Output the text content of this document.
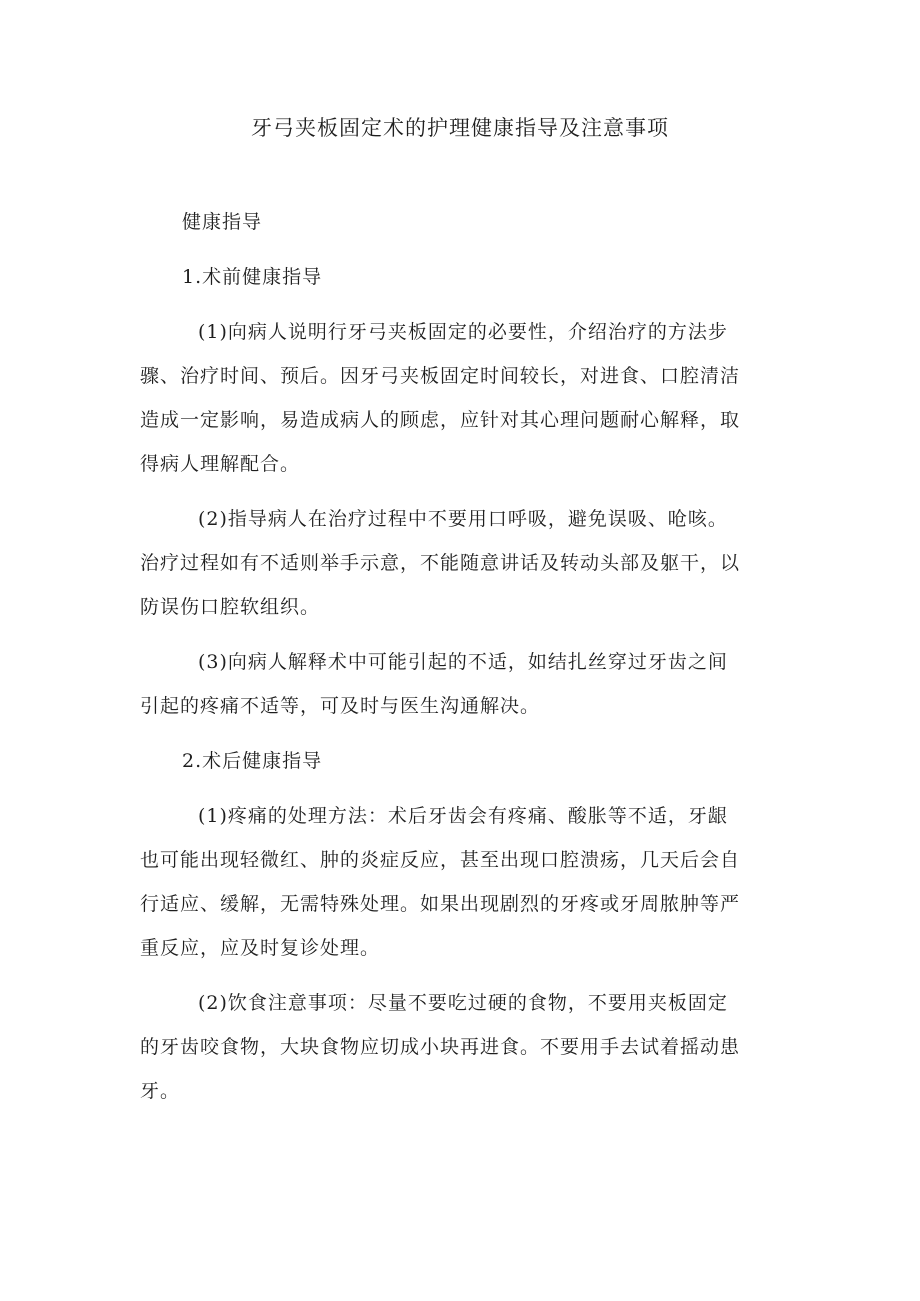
牙弓夹板固定术的护理健康指导及注意事项

健康指导

1.术前健康指导

(1)向病人说明行牙弓夹板固定的必要性，介绍治疗的方法步

骤、治疗时间、预后。因牙弓夹板固定时间较长，对进食、口腔清洁

造成一定影响，易造成病人的顾虑，应针对其心理问题耐心解释，取

得病人理解配合。

(2)指导病人在治疗过程中不要用口呼吸，避免误吸、呛咳。

治疗过程如有不适则举手示意，不能随意讲话及转动头部及躯干，以

防误伤口腔软组织。

(3)向病人解释术中可能引起的不适，如结扎丝穿过牙齿之间

引起的疼痛不适等，可及时与医生沟通解决。

2.术后健康指导

(1)疼痛的处理方法：术后牙齿会有疼痛、酸胀等不适，牙龈

也可能出现轻微红、肿的炎症反应，甚至出现口腔溃疡，几天后会自

行适应、缓解，无需特殊处理。如果出现剧烈的牙疼或牙周脓肿等严

重反应，应及时复诊处理。

(2)饮食注意事项：尽量不要吃过硬的食物，不要用夹板固定

的牙齿咬食物，大块食物应切成小块再进食。不要用手去试着摇动患

牙。
